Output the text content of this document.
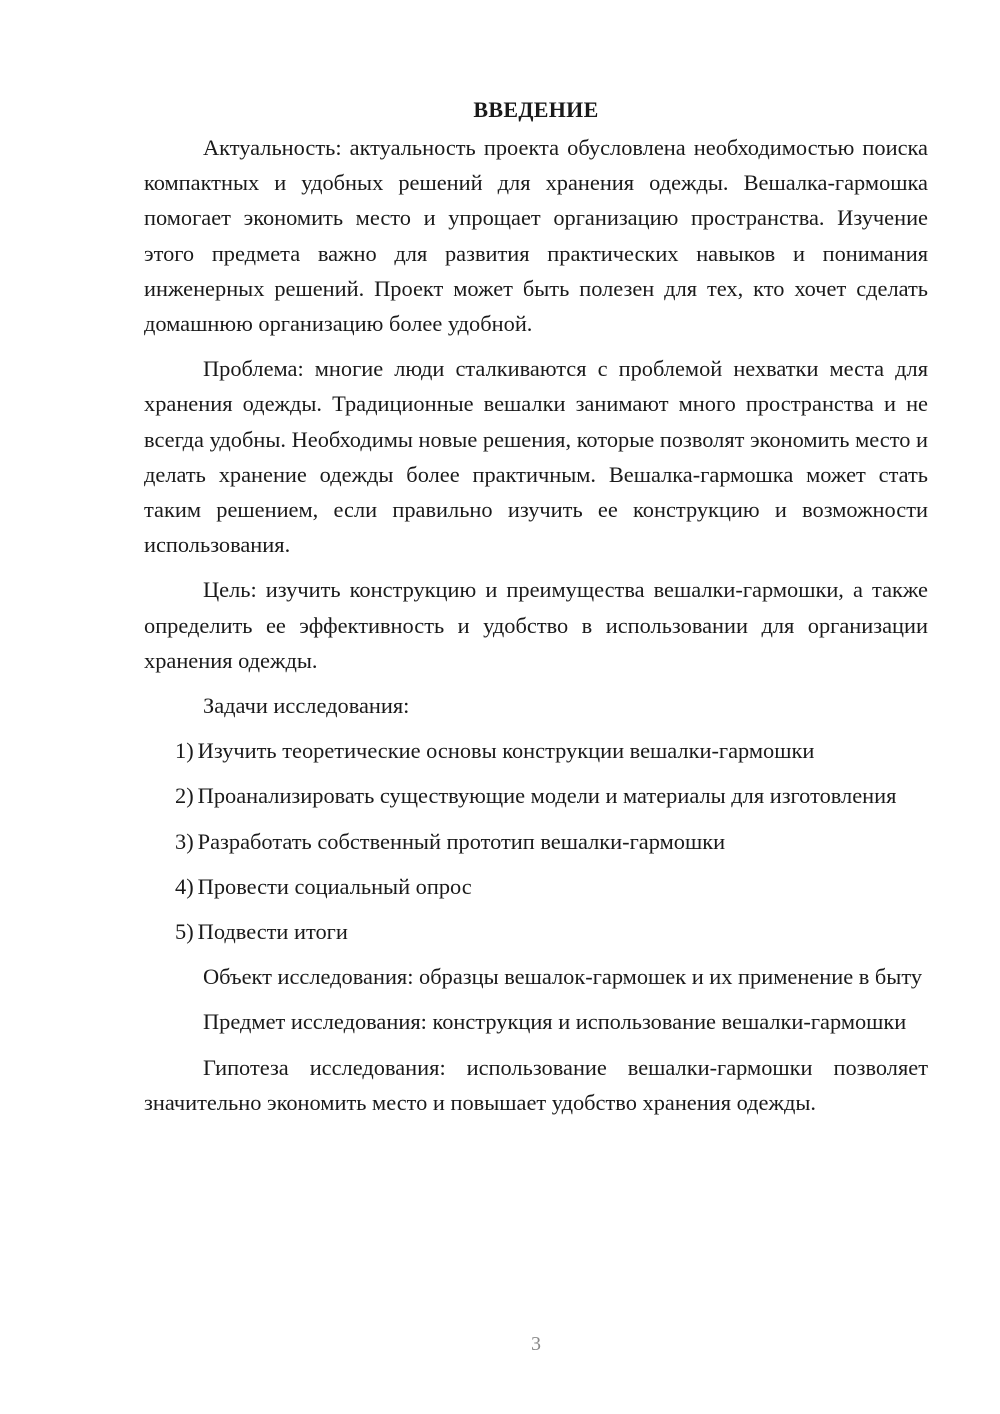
ВВЕДЕНИЕ

Актуальность: актуальность проекта обусловлена необходимостью поиска компактных и удобных решений для хранения одежды. Вешалка-гармошка помогает экономить место и упрощает организацию пространства. Изучение этого предмета важно для развития практических навыков и понимания инженерных решений. Проект может быть полезен для тех, кто хочет сделать домашнюю организацию более удобной.

Проблема: многие люди сталкиваются с проблемой нехватки места для хранения одежды. Традиционные вешалки занимают много пространства и не всегда удобны. Необходимы новые решения, которые позволят экономить место и делать хранение одежды более практичным. Вешалка-гармошка может стать таким решением, если правильно изучить ее конструкцию и возможности использования.

Цель: изучить конструкцию и преимущества вешалки-гармошки, а также определить ее эффективность и удобство в использовании для организации хранения одежды.

Задачи исследования:

1) Изучить теоретические основы конструкции вешалки-гармошки
2) Проанализировать существующие модели и материалы для изготовления
3) Разработать собственный прототип вешалки-гармошки
4) Провести социальный опрос
5) Подвести итоги

Объект исследования: образцы вешалок-гармошек и их применение в быту

Предмет исследования: конструкция и использование вешалки-гармошки

Гипотеза исследования: использование вешалки-гармошки позволяет значительно экономить место и повышает удобство хранения одежды.

3
